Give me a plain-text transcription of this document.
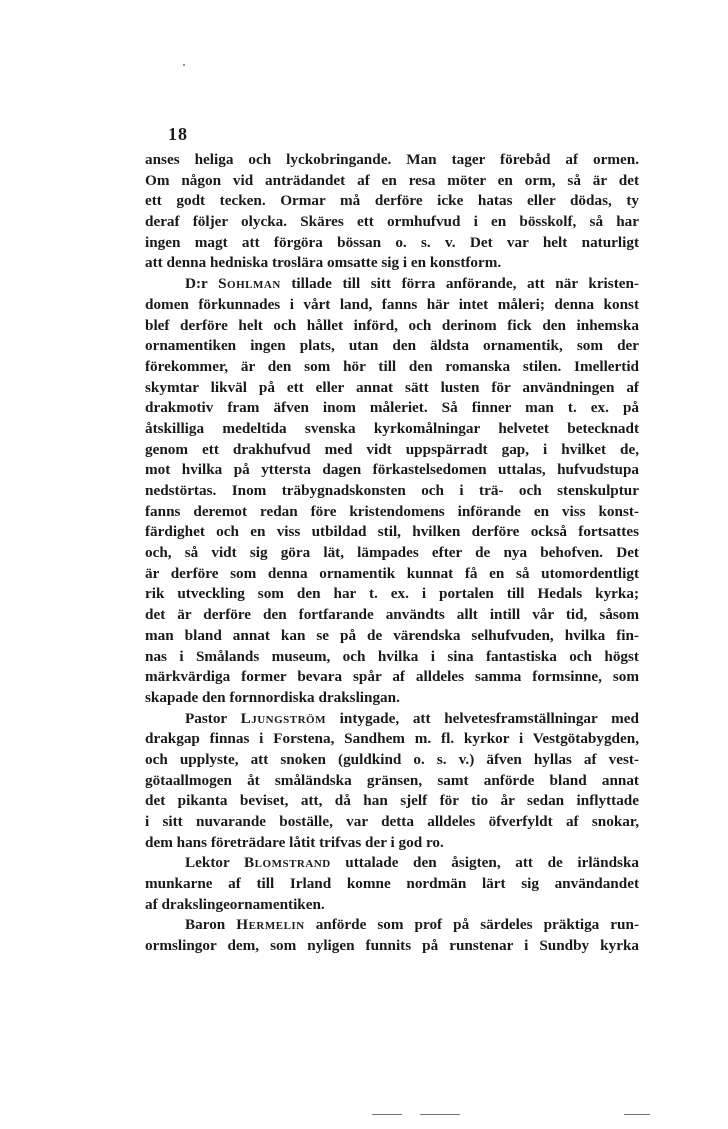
18
anses heliga och lyckobringande. Man tager förebåd af ormen.
Om någon vid anträdandet af en resa möter en orm, så är det
ett godt tecken. Ormar må derföre icke hatas eller dödas, ty
deraf följer olycka. Skäres ett ormhufvud i en bösskolf, så har
ingen magt att förgöra bössan o. s. v. Det var helt naturligt
att denna hedniska troslära omsatte sig i en konstform.
D:r Sohlman tillade till sitt förra anförande, att när kristen-
domen förkunnades i vårt land, fanns här intet måleri; denna konst
blef derföre helt och hållet införd, och derinom fick den inhemska
ornamentiken ingen plats, utan den äldsta ornamentik, som der
förekommer, är den som hör till den romanska stilen. Imellertid
skymtar likväl på ett eller annat sätt lusten för användningen af
drakmotiv fram äfven inom måleriet. Så finner man t. ex. på
åtskilliga medeltida svenska kyrkomålningar helvetet betecknadt
genom ett drakhufvud med vidt uppspärradt gap, i hvilket de,
mot hvilka på yttersta dagen förkastelsedomen uttalas, hufvudstupa
nedstörtas. Inom träbygnadskonsten och i trä- och stenskulptur
fanns deremot redan före kristendomens införande en viss konst-
färdighet och en viss utbildad stil, hvilken derföre också fortsattes
och, så vidt sig göra lät, lämpades efter de nya behofven. Det
är derföre som denna ornamentik kunnat få en så utomordentligt
rik utveckling som den har t. ex. i portalen till Hedals kyrka;
det är derföre den fortfarande användts allt intill vår tid, såsom
man bland annat kan se på de värendska selhufvuden, hvilka fin-
nas i Smålands museum, och hvilka i sina fantastiska och högst
märkvärdiga former bevara spår af alldeles samma formsinne, som
skapade den fornnordiska drakslingan.
Pastor Ljungström intygade, att helvetesframställningar med
drakgap finnas i Forstena, Sandhem m. fl. kyrkor i Vestgötabygden,
och upplyste, att snoken (guldkind o. s. v.) äfven hyllas af vest-
götaallmogen åt småländska gränsen, samt anförde bland annat
det pikanta beviset, att, då han sjelf för tio år sedan inflyttade
i sitt nuvarande boställe, var detta alldeles öfverfyldt af snokar,
dem hans företrädare låtit trifvas der i god ro.
Lektor Blomstrand uttalade den åsigten, att de irländska
munkarne af till Irland komne nordmän lärt sig användandet
af drakslingeornamentiken.
Baron Hermelin anförde som prof på särdeles präktiga run-
ormslingor dem, som nyligen funnits på runstenar i Sundby kyrka
